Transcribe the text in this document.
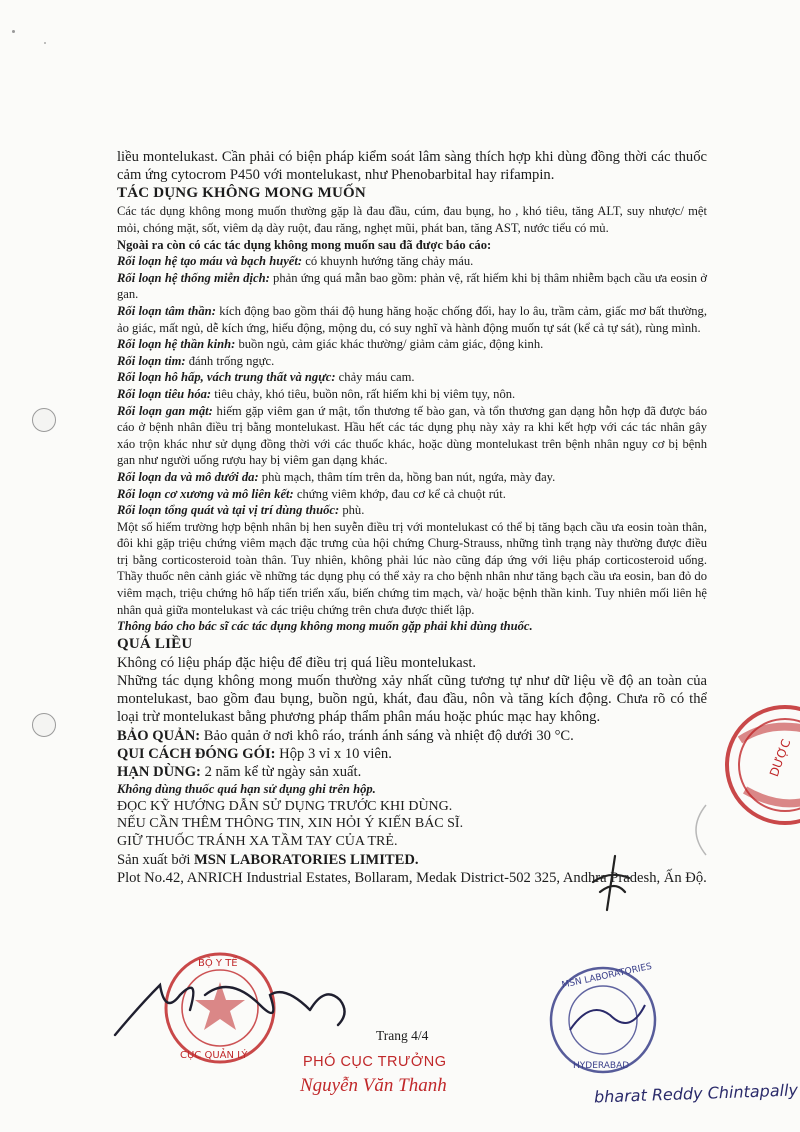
liều montelukast. Cần phải có biện pháp kiểm soát lâm sàng thích hợp khi dùng đồng thời các thuốc cảm ứng cytocrom P450 với montelukast, như Phenobarbital hay rifampin.

TÁC DỤNG KHÔNG MONG MUỐN

Các tác dụng không mong muốn thường gặp là đau đầu, cúm, đau bụng, ho , khó tiêu, tăng ALT, suy nhược/ mệt mỏi, chóng mặt, sốt, viêm dạ dày ruột, đau răng, nghẹt mũi, phát ban, tăng AST, nước tiểu có mủ.

Ngoài ra còn có các tác dụng không mong muốn sau đã được báo cáo:

Rối loạn hệ tạo máu và bạch huyết: có khuynh hướng tăng chảy máu.

Rối loạn hệ thống miễn dịch: phản ứng quá mẫn bao gồm: phản vệ, rất hiếm khi bị thâm nhiễm bạch cầu ưa eosin ở gan.

Rối loạn tâm thần: kích động bao gồm thái độ hung hăng hoặc chống đối, hay lo âu, trầm cảm, giấc mơ bất thường, ảo giác, mất ngủ, dễ kích ứng, hiếu động, mộng du, có suy nghĩ và hành động muốn tự sát (kể cả tự sát), rùng mình.

Rối loạn hệ thần kinh: buồn ngủ, cảm giác khác thường/ giảm cảm giác, động kinh.

Rối loạn tim: đánh trống ngực.

Rối loạn hô hấp, vách trung thất và ngực: chảy máu cam.

Rối loạn tiêu hóa: tiêu chảy, khó tiêu, buồn nôn, rất hiếm khi bị viêm tụy, nôn.

Rối loạn gan mật: hiếm gặp viêm gan ứ mật, tổn thương tế bào gan, và tổn thương gan dạng hỗn hợp đã được báo cáo ở bệnh nhân điều trị bằng montelukast. Hầu hết các tác dụng phụ này xảy ra khi kết hợp với các tác nhân gây xáo trộn khác như sử dụng đồng thời với các thuốc khác, hoặc dùng montelukast trên bệnh nhân nguy cơ bị bệnh gan như người uống rượu hay bị viêm gan dạng khác.

Rối loạn da và mô dưới da: phù mạch, thâm tím trên da, hồng ban nút, ngứa, mày đay.

Rối loạn cơ xương và mô liên kết: chứng viêm khớp, đau cơ kể cả chuột rút.

Rối loạn tổng quát và tại vị trí dùng thuốc: phù.

Một số hiếm trường hợp bệnh nhân bị hen suyễn điều trị với montelukast có thể bị tăng bạch cầu ưa eosin toàn thân, đôi khi gặp triệu chứng viêm mạch đặc trưng của hội chứng Churg-Strauss, những tình trạng này thường được điều trị bằng corticosteroid toàn thân. Tuy nhiên, không phải lúc nào cũng đáp ứng với liệu pháp corticosteroid uống. Thầy thuốc nên cảnh giác về những tác dụng phụ có thể xảy ra cho bệnh nhân như tăng bạch cầu ưa eosin, ban đỏ do viêm mạch, triệu chứng hô hấp tiến triển xấu, biến chứng tim mạch, và/ hoặc bệnh thần kinh. Tuy nhiên mối liên hệ nhân quả giữa montelukast và các triệu chứng trên chưa được thiết lập.

Thông báo cho bác sĩ các tác dụng không mong muốn gặp phải khi dùng thuốc.

QUÁ LIỀU

Không có liệu pháp đặc hiệu để điều trị quá liều montelukast.

Những tác dụng không mong muốn thường xảy nhất cũng tương tự như dữ liệu về độ an toàn của montelukast, bao gồm đau bụng, buồn ngủ, khát, đau đầu, nôn và tăng kích động. Chưa rõ có thể loại trừ montelukast bằng phương pháp thẩm phân máu hoặc phúc mạc hay không.

BẢO QUẢN: Bảo quản ở nơi khô ráo, tránh ánh sáng và nhiệt độ dưới 30 °C.

QUI CÁCH ĐÓNG GÓI: Hộp 3 vỉ x 10 viên.

HẠN DÙNG: 2 năm kể từ ngày sản xuất.

Không dùng thuốc quá hạn sử dụng ghi trên hộp.

ĐỌC KỸ HƯỚNG DẪN SỬ DỤNG TRƯỚC KHI DÙNG.

NẾU CẦN THÊM THÔNG TIN, XIN HỎI Ý KIẾN BÁC SĨ.

GIỮ THUỐC TRÁNH XA TẦM TAY CỦA TRẺ.

Sản xuất bởi MSN LABORATORIES LIMITED.

Plot No.42, ANRICH Industrial Estates, Bollaram, Medak District-502 325, Andhra Pradesh, Ấn Độ.

DƯỢC
BỘ Y TẾ
CỤC QUẢN LÝ
MSN LABORATORIES
HYDERABAD
Trang 4/4
PHÓ CỤC TRƯỞNG
Nguyễn Văn Thanh	bharat Reddy Chintapally
